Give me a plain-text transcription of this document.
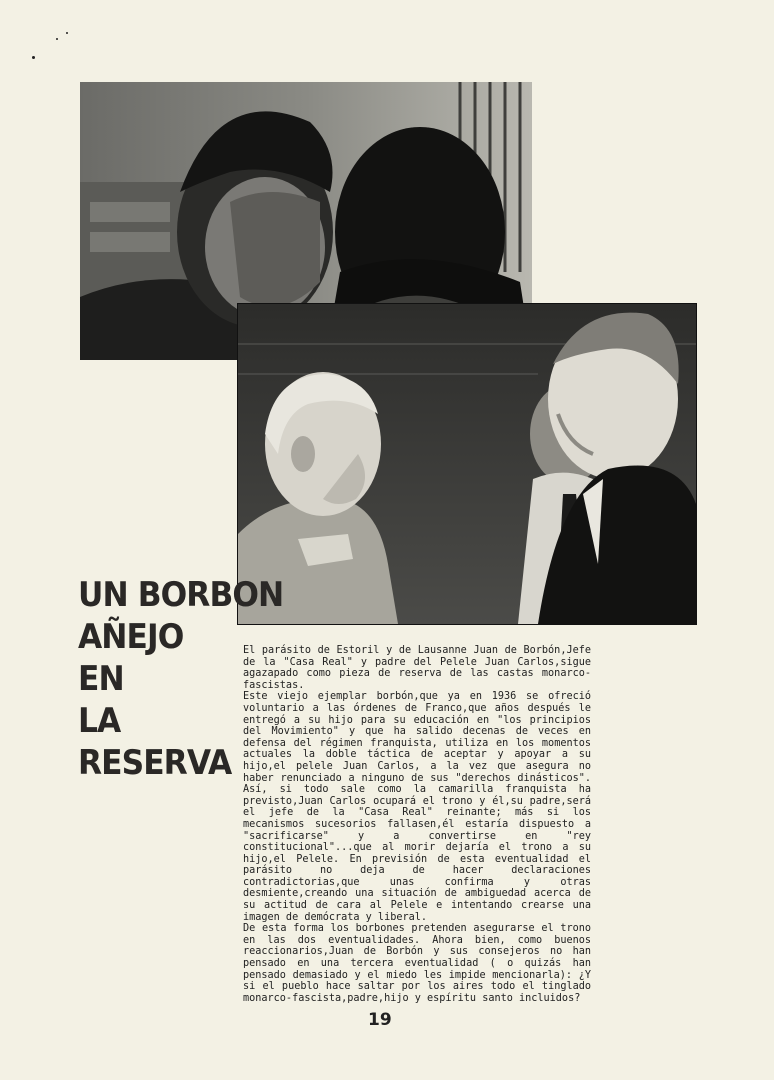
UN BORBON
AÑEJO
EN
LA
RESERVA

El parásito de Estoril y de Lausanne Juan de Borbón,Jefe de la "Casa Real" y padre del Pelele Juan Carlos,sigue agazapado como pieza de reserva de las castas monarco-fascistas.

Este viejo ejemplar borbón,que ya en 1936 se ofreció voluntario a las órdenes de Franco,que años después le entregó a su hijo para su educación en "los principios del Movimiento" y que ha salido decenas de veces en defensa del régimen franquista, utiliza en los momentos actuales la doble táctica de aceptar y apoyar a su hijo,el pelele Juan Carlos, a la vez que asegura no haber renunciado a ninguno de sus "derechos dinásticos". Así, si todo sale como la camarilla franquista ha previsto,Juan Carlos ocupará el trono y él,su padre,será el jefe de la "Casa Real" reinante; más si los mecanismos sucesorios fallasen,él estaría dispuesto a "sacrificarse" y a convertirse en "rey constitucional"...que al morir dejaría el trono a su hijo,el Pelele. En previsión de esta eventualidad el parásito no deja de hacer declaraciones contradictorias,que unas confirma y otras desmiente,creando una situación de ambiguedad acerca de su actitud de cara al Pelele e intentando crearse una imagen de demócrata y liberal.

De esta forma los borbones pretenden asegurarse el trono en las dos eventualidades. Ahora bien, como buenos reaccionarios,Juan de Borbón y sus consejeros no han pensado en una tercera eventualidad ( o quizás han pensado demasiado y el miedo les impide mencionarla): ¿Y si el pueblo hace saltar por los aires todo el tinglado monarco-fascista,padre,hijo y espíritu santo incluidos?

19
